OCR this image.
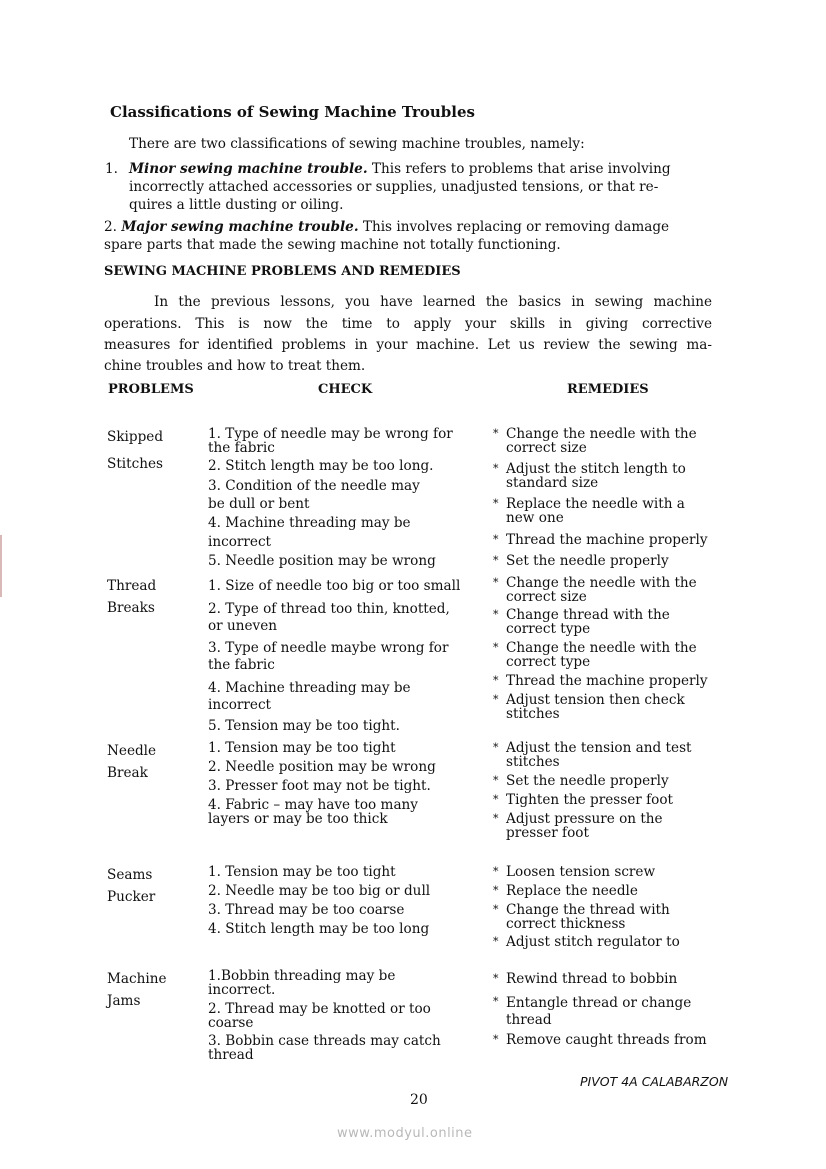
Classifications of Sewing Machine Troubles
There are two classifications of sewing machine troubles, namely:
1. Minor sewing machine trouble. This refers to problems that arise involving
incorrectly attached accessories or supplies, unadjusted tensions, or that re-
quires a little dusting or oiling.
2. Major sewing machine trouble. This involves replacing or removing damage
spare parts that made the sewing machine not totally functioning.
SEWING MACHINE PROBLEMS AND REMEDIES
In the previous lessons, you have learned the basics in sewing machine
operations. This is now the time to apply your skills in giving corrective
measures for identified problems in your machine. Let us review the sewing ma-
chine troubles and how to treat them.
PROBLEMS	CHECK	REMEDIES
Skipped
Stitches
1. Type of needle may be wrong for
the fabric
2. Stitch length may be too long.
3. Condition of the needle may
be dull or bent
4. Machine threading may be
incorrect
5. Needle position may be wrong
* Change the needle with the
correct size
* Adjust the stitch length to
standard size
* Replace the needle with a
new one
* Thread the machine properly
* Set the needle properly
Thread
Breaks
1. Size of needle too big or too small
2. Type of thread too thin, knotted,
or uneven
3. Type of needle maybe wrong for
the fabric
4. Machine threading may be
incorrect
5. Tension may be too tight.
* Change the needle with the
correct size
* Change thread with the
correct type
* Change the needle with the
correct type
* Thread the machine properly
* Adjust tension then check
stitches
Needle
Break
1. Tension may be too tight
2. Needle position may be wrong
3. Presser foot may not be tight.
4. Fabric – may have too many
layers or may be too thick
* Adjust the tension and test
stitches
* Set the needle properly
* Tighten the presser foot
* Adjust pressure on the
presser foot
Seams
Pucker
1. Tension may be too tight
2. Needle may be too big or dull
3. Thread may be too coarse
4. Stitch length may be too long
* Loosen tension screw
* Replace the needle
* Change the thread with
correct thickness
* Adjust stitch regulator to
Machine
Jams
1.Bobbin threading may be
incorrect.
2. Thread may be knotted or too
coarse
3. Bobbin case threads may catch
thread
* Rewind thread to bobbin
* Entangle thread or change
thread
* Remove caught threads from
PIVOT 4A CALABARZON
20
www.modyul.online
